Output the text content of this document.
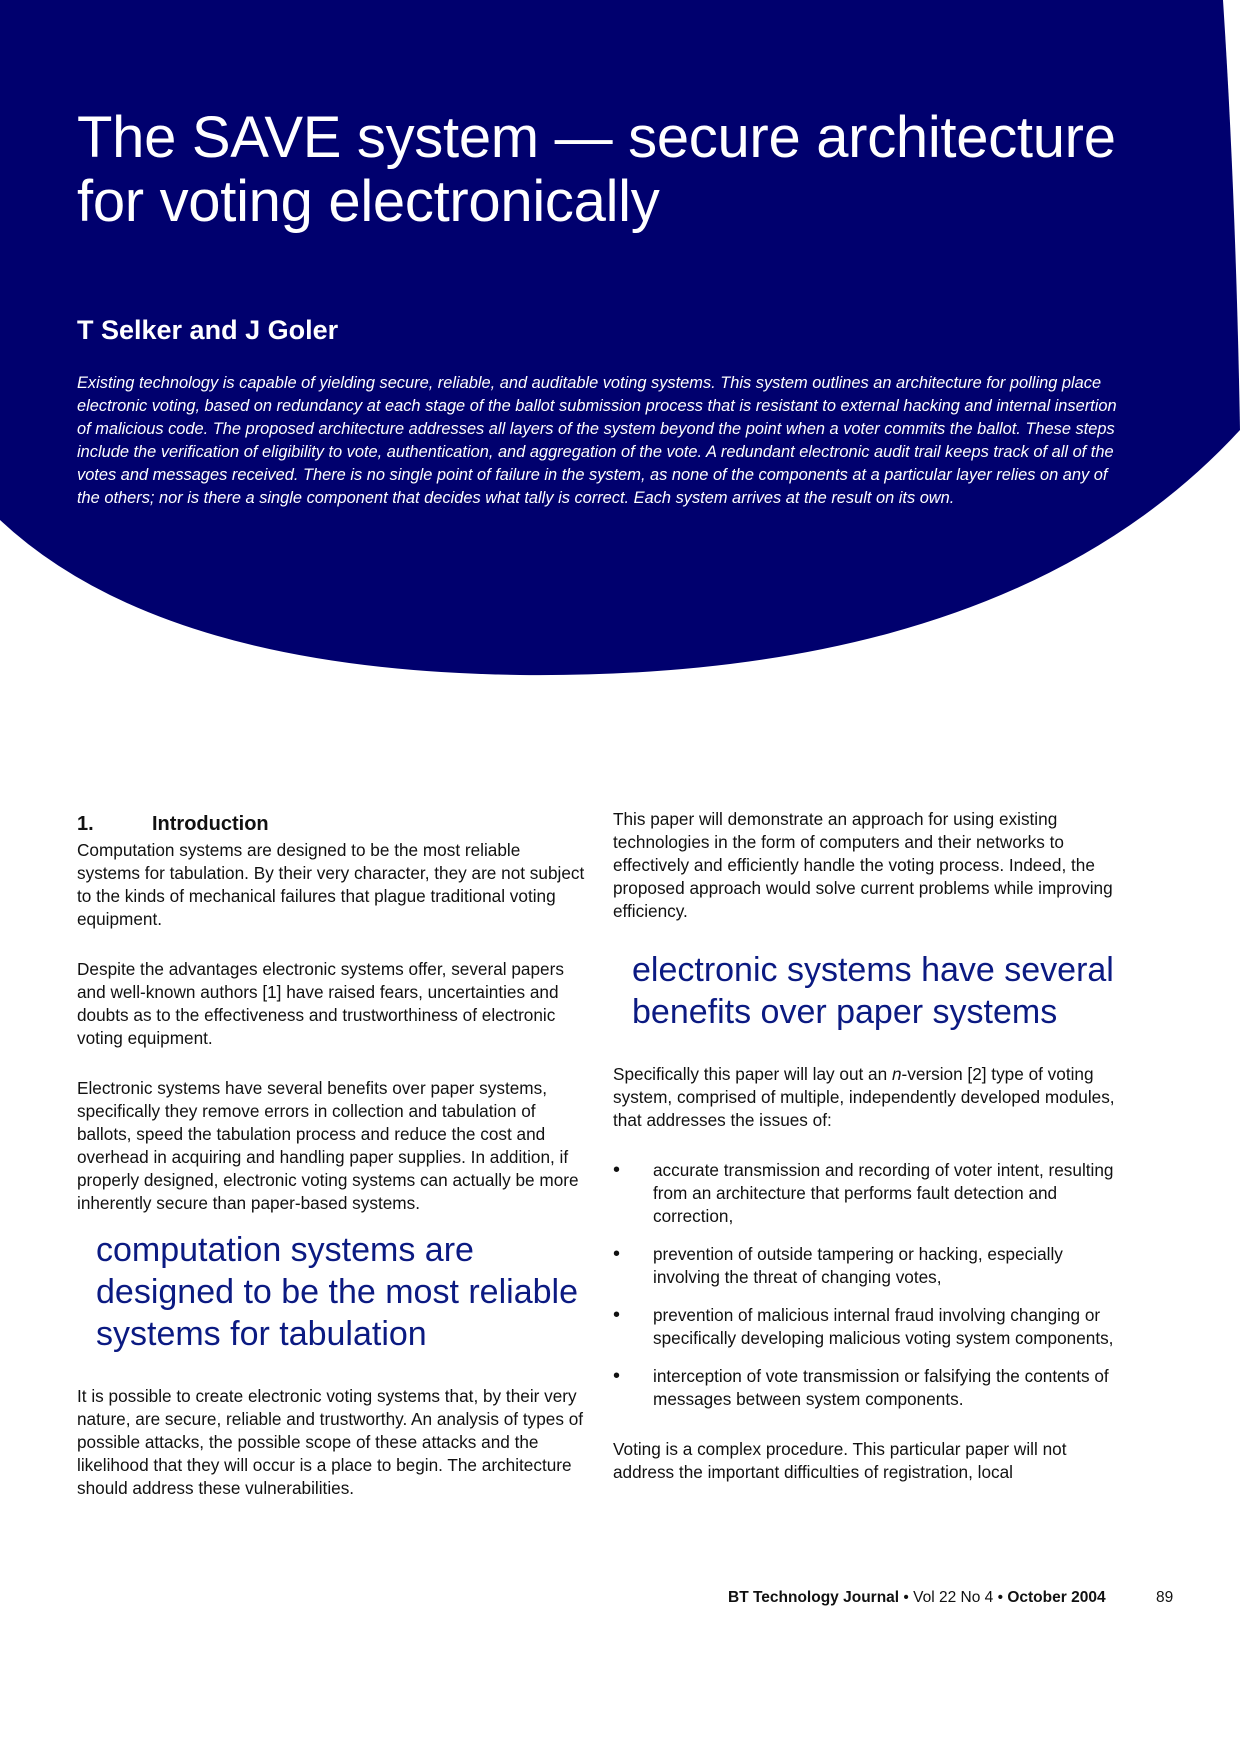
The SAVE system — secure architecture for voting electronically
T Selker and J Goler

Existing technology is capable of yielding secure, reliable, and auditable voting systems. This system outlines an architecture for polling place electronic voting, based on redundancy at each stage of the ballot submission process that is resistant to external hacking and internal insertion of malicious code. The proposed architecture addresses all layers of the system beyond the point when a voter commits the ballot. These steps include the verification of eligibility to vote, authentication, and aggregation of the vote. A redundant electronic audit trail keeps track of all of the votes and messages received. There is no single point of failure in the system, as none of the components at a particular layer relies on any of the others; nor is there a single component that decides what tally is correct. Each system arrives at the result on its own.

1.	Introduction

Computation systems are designed to be the most reliable systems for tabulation. By their very character, they are not subject to the kinds of mechanical failures that plague traditional voting equipment.

Despite the advantages electronic systems offer, several papers and well-known authors [1] have raised fears, uncertainties and doubts as to the effectiveness and trustworthiness of electronic voting equipment.

Electronic systems have several benefits over paper systems, specifically they remove errors in collection and tabulation of ballots, speed the tabulation process and reduce the cost and overhead in acquiring and handling paper supplies. In addition, if properly designed, electronic voting systems can actually be more inherently secure than paper-based systems.

computation systems are designed to be the most reliable systems for tabulation

It is possible to create electronic voting systems that, by their very nature, are secure, reliable and trustworthy. An analysis of types of possible attacks, the possible scope of these attacks and the likelihood that they will occur is a place to begin. The architecture should address these vulnerabilities.

This paper will demonstrate an approach for using existing technologies in the form of computers and their networks to effectively and efficiently handle the voting process. Indeed, the proposed approach would solve current problems while improving efficiency.

electronic systems have several benefits over paper systems

Specifically this paper will lay out an n-version [2] type of voting system, comprised of multiple, independently developed modules, that addresses the issues of:

•	accurate transmission and recording of voter intent, resulting from an architecture that performs fault detection and correction,
•	prevention of outside tampering or hacking, especially involving the threat of changing votes,
•	prevention of malicious internal fraud involving changing or specifically developing malicious voting system components,
•	interception of vote transmission or falsifying the contents of messages between system components.

Voting is a complex procedure. This particular paper will not address the important difficulties of registration, local

BT Technology Journal • Vol 22 No 4 • October 2004	89
